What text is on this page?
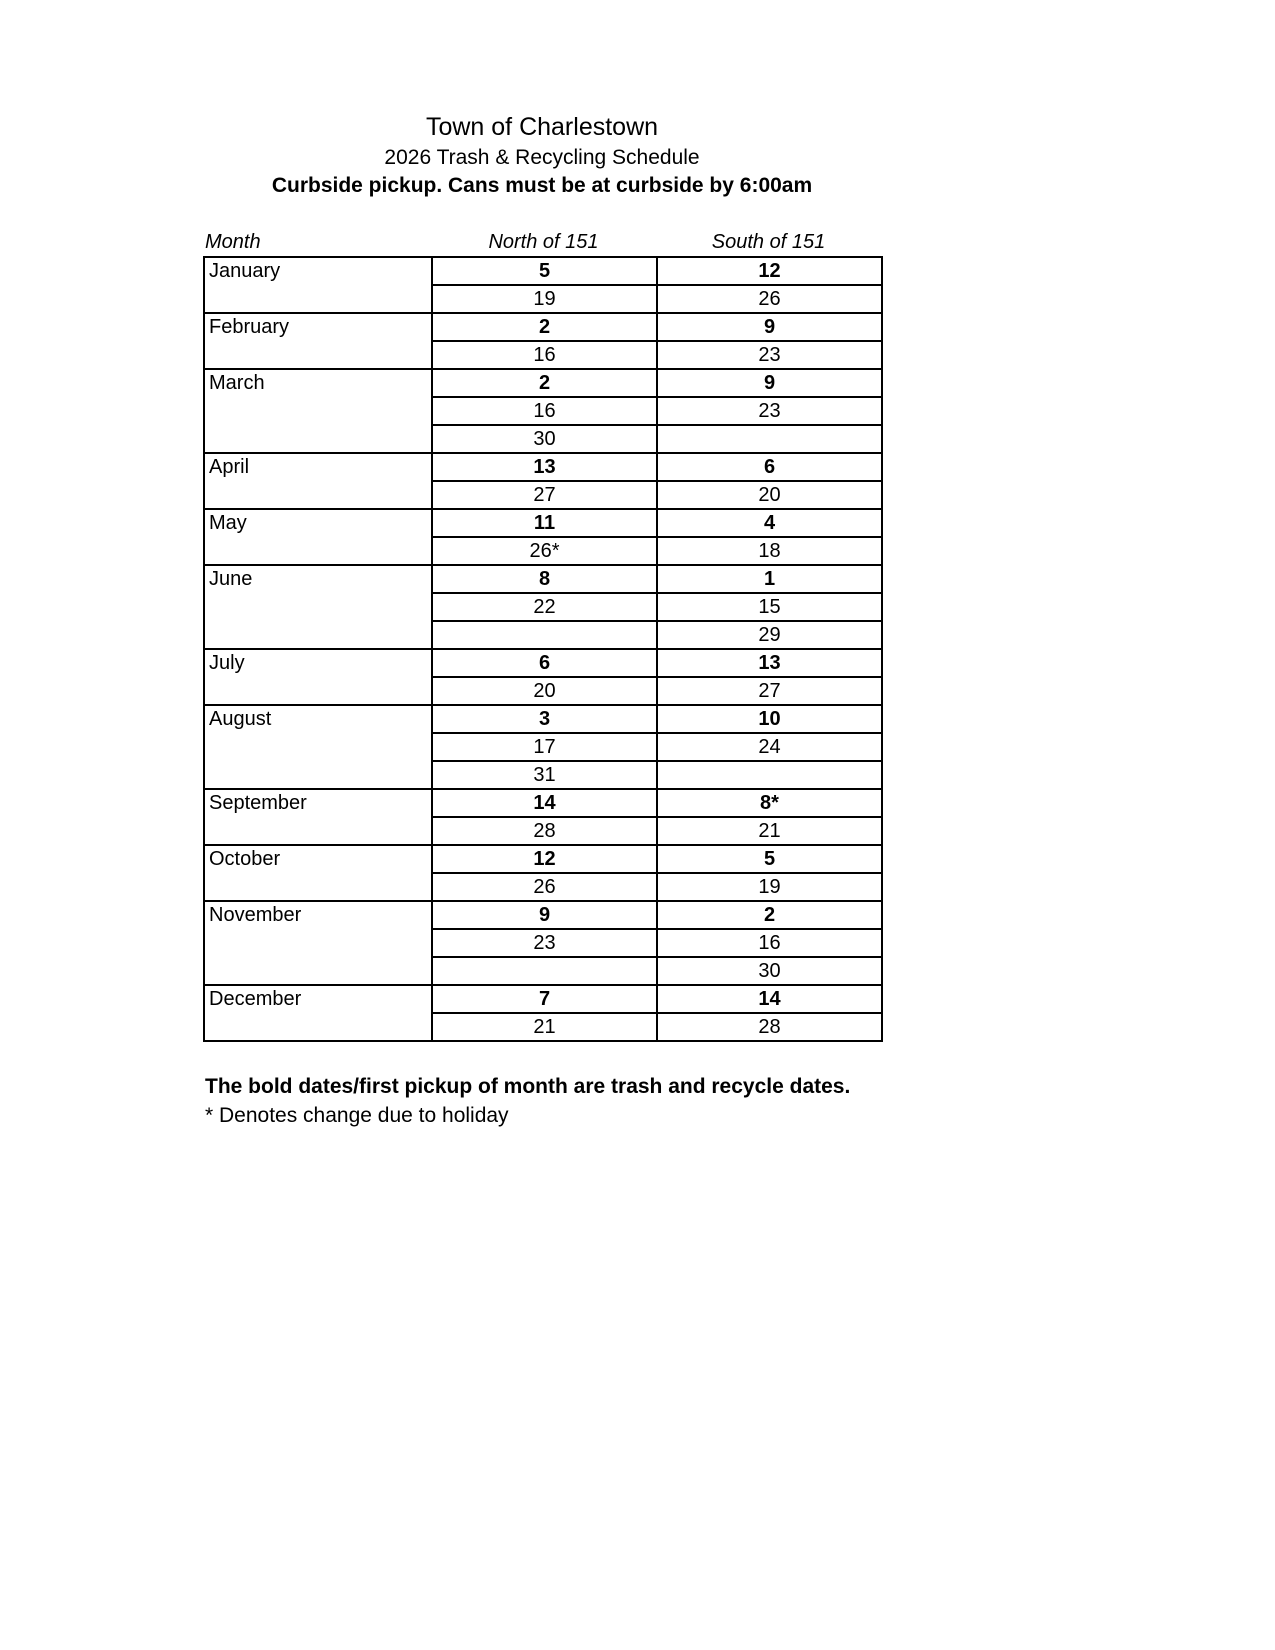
Town of Charlestown
2026 Trash & Recycling Schedule
Curbside pickup. Cans must be at curbside by 6:00am
Month	North of 151	South of 151
January	5	12
	19	26
February	2	9
	16	23
March	2	9
	16	23
	30	
April	13	6
	27	20
May	11	4
	26*	18
June	8	1
	22	15
		29
July	6	13
	20	27
August	3	10
	17	24
	31	
September	14	8*
	28	21
October	12	5
	26	19
November	9	2
	23	16
		30
December	7	14
	21	28
The bold dates/first pickup of month are trash and recycle dates.
* Denotes change due to holiday
